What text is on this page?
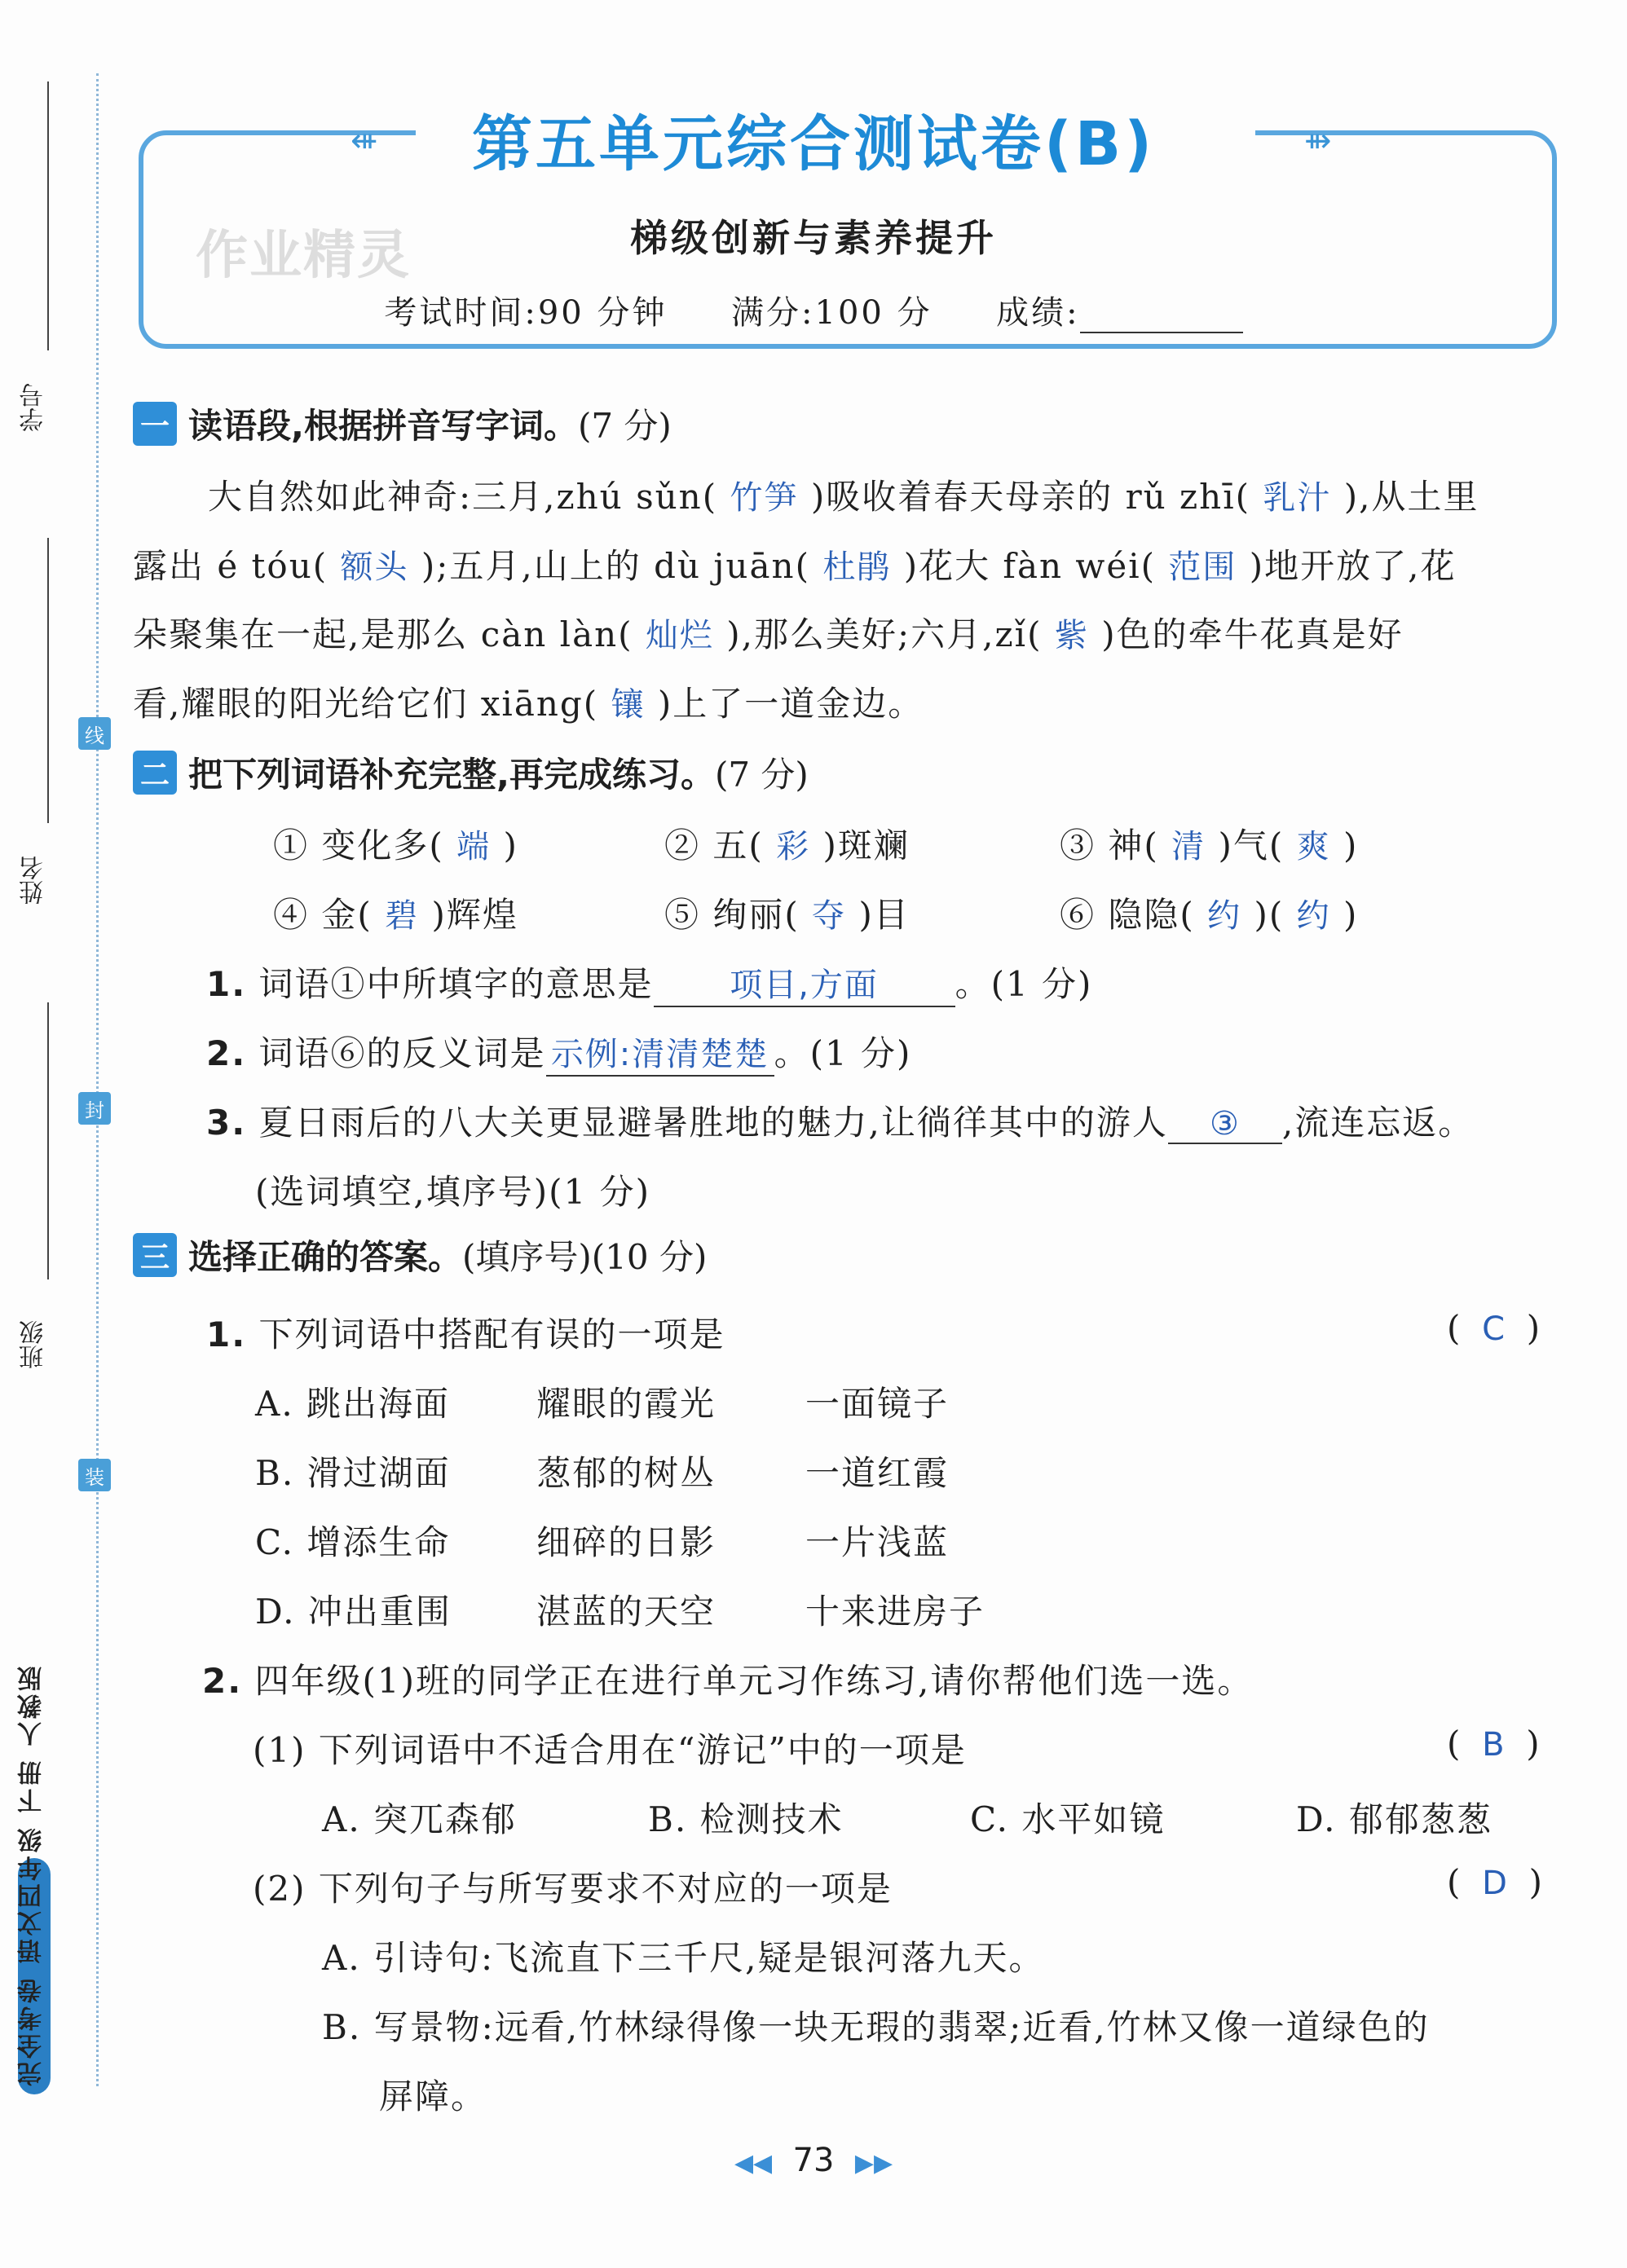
学号
姓名
班级
线
封
装
完全考卷 语文四年级 下册 人教版
⇺	⇻
第五单元综合测试卷(B)
作业精灵	梯级创新与素养提升
考试时间:90 分钟 满分:100 分 成绩:
一 读语段,根据拼音写字词。 (7 分)
大自然如此神奇:三月,zhú sǔn( 竹笋 )吸收着春天母亲的 rǔ zhī( 乳汁 ),从土里
露出 é tóu( 额头 );五月,山上的 dù juān( 杜鹃 )花大 fàn wéi( 范围 )地开放了,花
朵聚集在一起,是那么 càn làn( 灿烂 ),那么美好;六月,zǐ( 紫 )色的牵牛花真是好
看,耀眼的阳光给它们 xiāng( 镶 )上了一道金边。
二 把下列词语补充完整,再完成练习。 (7 分)
① 变化多( 端 )	② 五( 彩 )斑斓	③ 神( 清 )气( 爽 )
④ 金( 碧 )辉煌	⑤ 绚丽( 夺 )目	⑥ 隐隐( 约 )( 约 )
1. 词语①中所填字的意思是 项目,方面 。(1 分)
2. 词语⑥的反义词是 示例:清清楚楚 。(1 分)
3. 夏日雨后的八大关更显避暑胜地的魅力,让徜徉其中的游人 ③ ,流连忘返。
(选词填空,填序号)(1 分)
三 选择正确的答案。 (填序号)(10 分)
1. 下列词语中搭配有误的一项是	(  C  )
A. 跳出海面	耀眼的霞光	一面镜子
B. 滑过湖面	葱郁的树丛	一道红霞
C. 增添生命	细碎的日影	一片浅蓝
D. 冲出重围 湛蓝的天空	十来进房子
2. 四年级(1)班的同学正在进行单元习作练习,请你帮他们选一选。
(1) 下列词语中不适合用在“游记”中的一项是	(  B  )
A. 突兀森郁	B. 检测技术	C. 水平如镜	D. 郁郁葱葱
(2) 下列句子与所写要求不对应的一项是	(  D  )
A. 引诗句:飞流直下三千尺,疑是银河落九天。
B. 写景物:远看,竹林绿得像一块无瑕的翡翠;近看,竹林又像一道绿色的
屏障。
◀◀ 73 ▶▶
